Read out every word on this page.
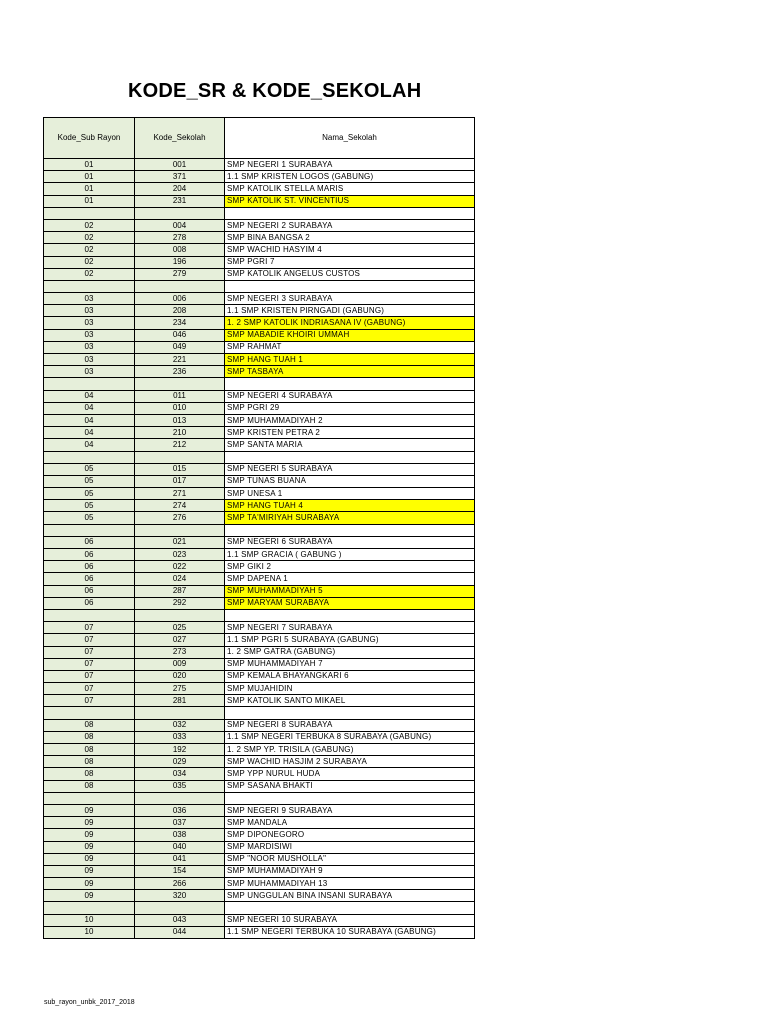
KODE_SR & KODE_SEKOLAH
Kode_Sub Rayon	Kode_Sekolah	Nama_Sekolah
01	001	SMP NEGERI 1 SURABAYA
01	371	1.1 SMP KRISTEN LOGOS (GABUNG)
01	204	SMP KATOLIK STELLA MARIS
01	231	SMP KATOLIK ST. VINCENTIUS

02	004	SMP NEGERI 2 SURABAYA
02	278	SMP BINA BANGSA 2
02	008	SMP WACHID HASYIM 4
02	196	SMP PGRI 7
02	279	SMP KATOLIK ANGELUS CUSTOS

03	006	SMP NEGERI 3 SURABAYA
03	208	1.1 SMP KRISTEN PIRNGADI (GABUNG)
03	234	1. 2 SMP KATOLIK INDRIASANA IV (GABUNG)
03	046	SMP MABADIE KHOIRI UMMAH
03	049	SMP RAHMAT
03	221	SMP HANG TUAH 1
03	236	SMP TASBAYA

04	011	SMP NEGERI 4 SURABAYA
04	010	SMP PGRI 29
04	013	SMP MUHAMMADIYAH 2
04	210	SMP KRISTEN PETRA 2
04	212	SMP SANTA MARIA

05	015	SMP NEGERI 5 SURABAYA
05	017	SMP TUNAS BUANA
05	271	SMP UNESA 1
05	274	SMP HANG TUAH 4
05	276	SMP TA'MIRIYAH SURABAYA

06	021	SMP NEGERI 6 SURABAYA
06	023	1.1 SMP GRACIA ( GABUNG )
06	022	SMP GIKI 2
06	024	SMP DAPENA 1
06	287	SMP MUHAMMADIYAH 5
06	292	SMP MARYAM SURABAYA

07	025	SMP NEGERI 7 SURABAYA
07	027	1.1 SMP PGRI 5 SURABAYA (GABUNG)
07	273	1. 2 SMP GATRA (GABUNG)
07	009	SMP MUHAMMADIYAH 7
07	020	SMP KEMALA BHAYANGKARI 6
07	275	SMP MUJAHIDIN
07	281	SMP KATOLIK SANTO MIKAEL

08	032	SMP NEGERI 8 SURABAYA
08	033	1.1 SMP NEGERI TERBUKA 8 SURABAYA (GABUNG)
08	192	1. 2 SMP YP. TRISILA (GABUNG)
08	029	SMP WACHID HASJIM 2 SURABAYA
08	034	SMP YPP NURUL HUDA
08	035	SMP SASANA BHAKTI

09	036	SMP NEGERI 9 SURABAYA
09	037	SMP MANDALA
09	038	SMP DIPONEGORO
09	040	SMP MARDISIWI
09	041	SMP "NOOR MUSHOLLA"
09	154	SMP MUHAMMADIYAH 9
09	266	SMP MUHAMMADIYAH 13
09	320	SMP UNGGULAN BINA INSANI SURABAYA

10	043	SMP NEGERI 10 SURABAYA
10	044	1.1 SMP NEGERI TERBUKA 10 SURABAYA (GABUNG)
sub_rayon_unbk_2017_2018
